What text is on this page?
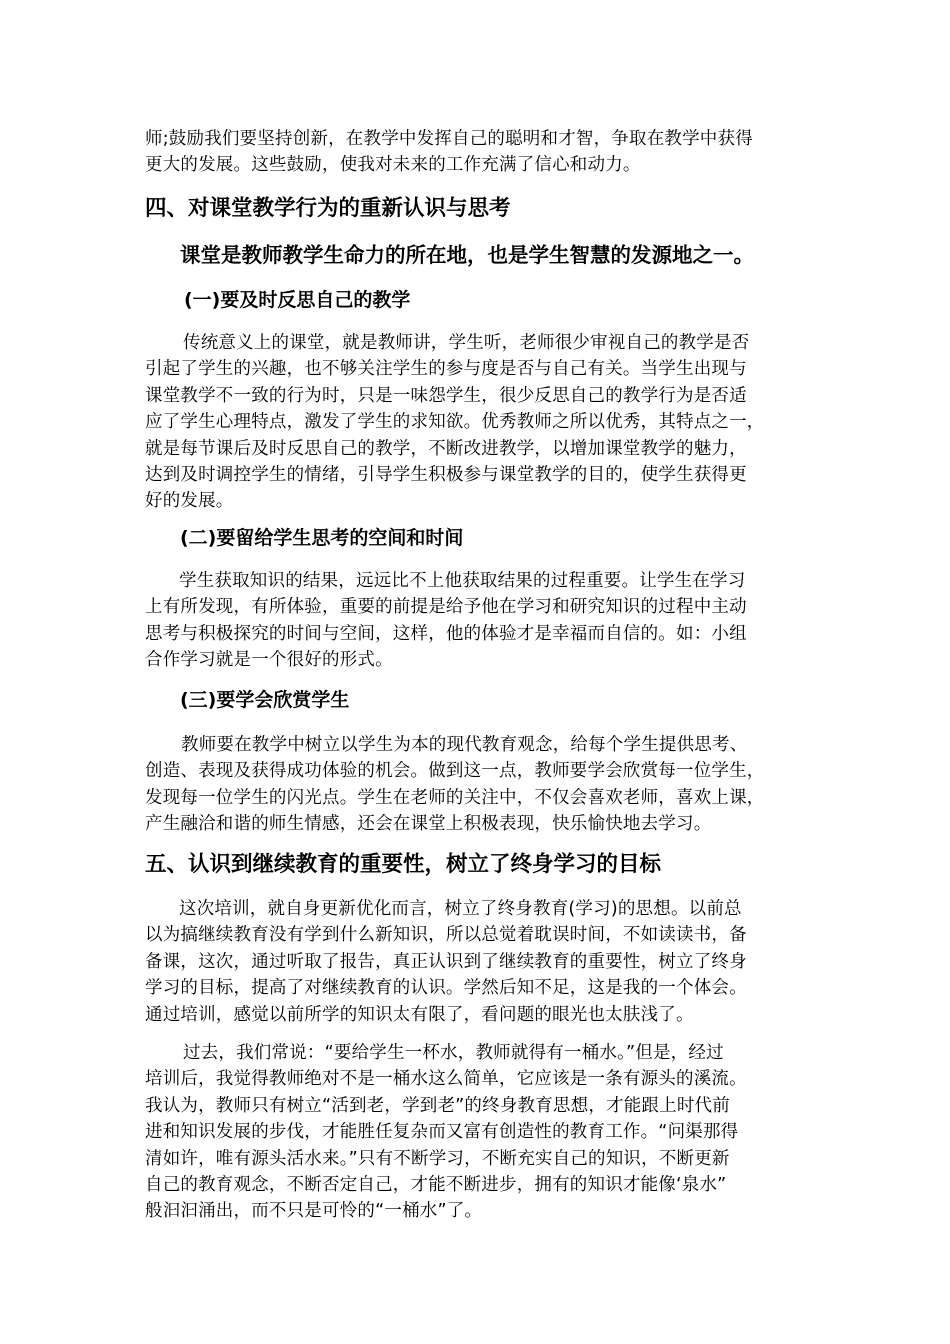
师;鼓励我们要坚持创新，在教学中发挥自己的聪明和才智，争取在教学中获得
更大的发展。这些鼓励，使我对未来的工作充满了信心和动力。
四、对课堂教学行为的重新认识与思考
课堂是教师教学生命力的所在地，也是学生智慧的发源地之一。
(一)要及时反思自己的教学
传统意义上的课堂，就是教师讲，学生听，老师很少审视自己的教学是否
引起了学生的兴趣，也不够关注学生的参与度是否与自己有关。当学生出现与
课堂教学不一致的行为时，只是一味怨学生，很少反思自己的教学行为是否适
应了学生心理特点，激发了学生的求知欲。优秀教师之所以优秀，其特点之一，
就是每节课后及时反思自己的教学，不断改进教学，以增加课堂教学的魅力，
达到及时调控学生的情绪，引导学生积极参与课堂教学的目的，使学生获得更
好的发展。
(二)要留给学生思考的空间和时间
学生获取知识的结果，远远比不上他获取结果的过程重要。让学生在学习
上有所发现，有所体验，重要的前提是给予他在学习和研究知识的过程中主动
思考与积极探究的时间与空间，这样，他的体验才是幸福而自信的。如：小组
合作学习就是一个很好的形式。
(三)要学会欣赏学生
教师要在教学中树立以学生为本的现代教育观念，给每个学生提供思考、
创造、表现及获得成功体验的机会。做到这一点，教师要学会欣赏每一位学生，
发现每一位学生的闪光点。学生在老师的关注中，不仅会喜欢老师，喜欢上课，
产生融洽和谐的师生情感，还会在课堂上积极表现，快乐愉快地去学习。
五、认识到继续教育的重要性，树立了终身学习的目标
这次培训，就自身更新优化而言，树立了终身教育(学习)的思想。以前总
以为搞继续教育没有学到什么新知识，所以总觉着耽误时间，不如读读书，备
备课，这次，通过听取了报告，真正认识到了继续教育的重要性，树立了终身
学习的目标，提高了对继续教育的认识。学然后知不足，这是我的一个体会。
通过培训，感觉以前所学的知识太有限了，看问题的眼光也太肤浅了。
过去，我们常说：“要给学生一杯水，教师就得有一桶水。”但是，经过
培训后，我觉得教师绝对不是一桶水这么简单，它应该是一条有源头的溪流。
我认为，教师只有树立“活到老，学到老”的终身教育思想，才能跟上时代前
进和知识发展的步伐，才能胜任复杂而又富有创造性的教育工作。“问渠那得
清如许，唯有源头活水来。”只有不断学习，不断充实自己的知识，不断更新
自己的教育观念，不断否定自己，才能不断进步，拥有的知识才能像‘泉水”
般汩汩涌出，而不只是可怜的“一桶水”了。
